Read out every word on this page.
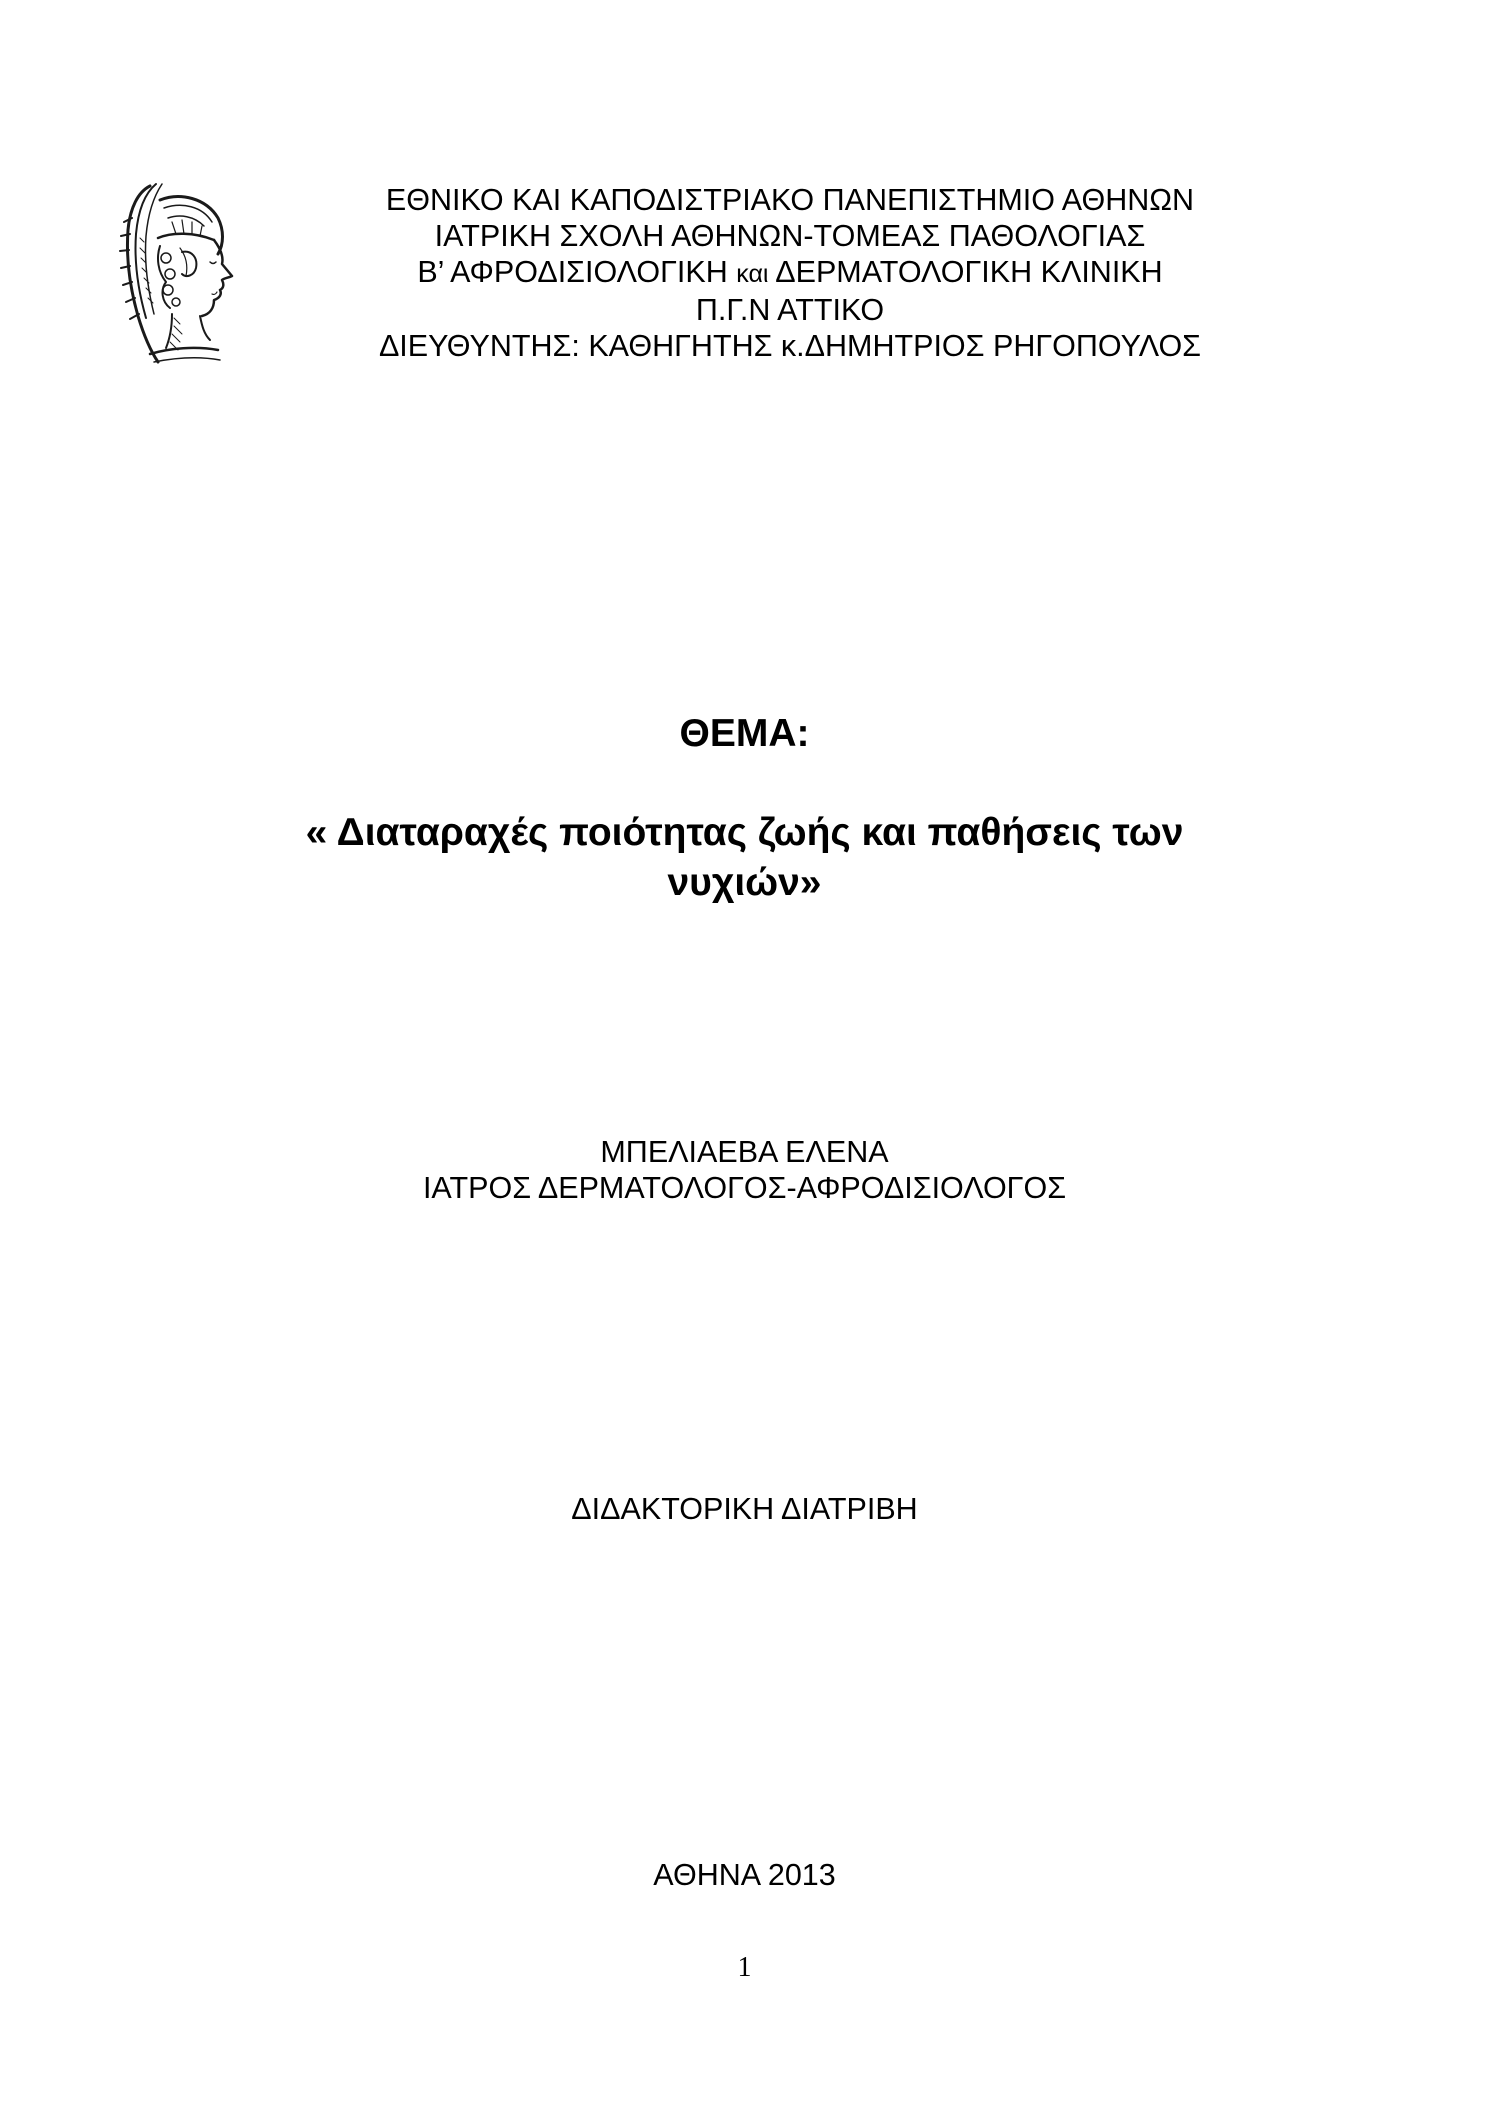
ΕΘΝΙΚΟ ΚΑΙ ΚΑΠΟΔΙΣΤΡΙΑΚΟ ΠΑΝΕΠΙΣΤΗΜΙΟ ΑΘΗΝΩΝ
ΙΑΤΡΙΚΗ ΣΧΟΛΗ ΑΘΗΝΩΝ-ΤΟΜΕΑΣ ΠΑΘΟΛΟΓΙΑΣ
Β’ ΑΦΡΟΔΙΣΙΟΛΟΓΙΚΗ και ΔΕΡΜΑΤΟΛΟΓΙΚΗ ΚΛΙΝΙΚΗ
Π.Γ.Ν ΑΤΤΙΚΟ
ΔΙΕΥΘΥΝΤΗΣ: ΚΑΘΗΓΗΤΗΣ κ.ΔΗΜΗΤΡΙΟΣ ΡΗΓΟΠΟΥΛΟΣ
ΘΕΜΑ:
« Διαταραχές ποιότητας ζωής και παθήσεις των
νυχιών»
ΜΠΕΛΙΑΕΒΑ ΕΛΕΝΑ
ΙΑΤΡΟΣ ΔΕΡΜΑΤΟΛΟΓΟΣ-ΑΦΡΟΔΙΣΙΟΛΟΓΟΣ
ΔΙΔΑΚΤΟΡΙΚΗ ΔΙΑΤΡΙΒΗ
ΑΘΗΝΑ 2013
1
